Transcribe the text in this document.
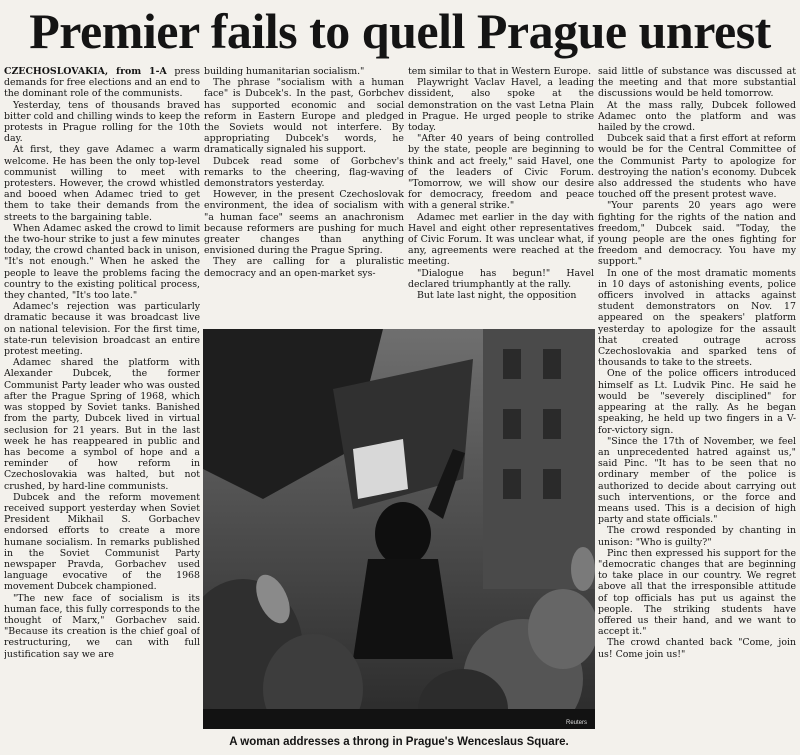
Premier fails to quell Prague unrest

CZECHOSLOVAKIA, from 1-A press demands for free elections and an end to the dominant role of the communists.

Yesterday, tens of thousands braved bitter cold and chilling winds to keep the protests in Prague rolling for the 10th day.

At first, they gave Adamec a warm welcome. He has been the only top-level communist willing to meet with protesters. However, the crowd whistled and booed when Adamec tried to get them to take their demands from the streets to the bargaining table.

When Adamec asked the crowd to limit the two-hour strike to just a few minutes today, the crowd chanted back in unison, "It's not enough." When he asked the people to leave the problems facing the country to the existing political process, they chanted, "It's too late."

Adamec's rejection was particularly dramatic because it was broadcast live on national television. For the first time, state-run television broadcast an entire protest meeting.

Adamec shared the platform with Alexander Dubcek, the former Communist Party leader who was ousted after the Prague Spring of 1968, which was stopped by Soviet tanks. Banished from the party, Dubcek lived in virtual seclusion for 21 years. But in the last week he has reappeared in public and has become a symbol of hope and a reminder of how reform in Czechoslovakia was halted, but not crushed, by hard-line communists.

Dubcek and the reform movement received support yesterday when Soviet President Mikhail S. Gorbachev endorsed efforts to create a more humane socialism. In remarks published in the Soviet Communist Party newspaper Pravda, Gorbachev used language evocative of the 1968 movement Dubcek championed.

"The new face of socialism is its human face, this fully corresponds to the thought of Marx," Gorbachev said. "Because its creation is the chief goal of restructuring, we can with full justification say we are

building humanitarian socialism."

The phrase "socialism with a human face" is Dubcek's. In the past, Gorbchev has supported economic and social reform in Eastern Europe and pledged the Soviets would not interfere. By appropriating Dubcek's words, he dramatically signaled his support.

Dubcek read some of Gorbchev's remarks to the cheering, flag-waving demonstrators yesterday.

However, in the present Czechoslovak environment, the idea of socialism with "a human face" seems an anachronism because reformers are pushing for much greater changes than anything envisioned during the Prague Spring.

They are calling for a pluralistic democracy and an open-market sys-

tem similar to that in Western Europe.

Playwright Vaclav Havel, a leading dissident, also spoke at the demonstration on the vast Letna Plain in Prague. He urged people to strike today.

"After 40 years of being controlled by the state, people are beginning to think and act freely," said Havel, one of the leaders of Civic Forum. "Tomorrow, we will show our desire for democracy, freedom and peace with a general strike."

Adamec met earlier in the day with Havel and eight other representatives of Civic Forum. It was unclear what, if any, agreements were reached at the meeting.

"Dialogue has begun!" Havel declared triumphantly at the rally.

But late last night, the opposition

said little of substance was discussed at the meeting and that more substantial discussions would be held tomorrow.

At the mass rally, Dubcek followed Adamec onto the platform and was hailed by the crowd.

Dubcek said that a first effort at reform would be for the Central Committee of the Communist Party to apologize for destroying the nation's economy. Dubcek also addressed the students who have touched off the present protest wave.

"Your parents 20 years ago were fighting for the rights of the nation and freedom," Dubcek said. "Today, the young people are the ones fighting for freedom and democracy. You have my support."

In one of the most dramatic moments in 10 days of astonishing events, police officers involved in attacks against student demonstrators on Nov. 17 appeared on the speakers' platform yesterday to apologize for the assault that created outrage across Czechoslovakia and sparked tens of thousands to take to the streets.

One of the police officers introduced himself as Lt. Ludvik Pinc. He said he would be "severely disciplined" for appearing at the rally. As he began speaking, he held up two fingers in a V-for-victory sign.

"Since the 17th of November, we feel an unprecedented hatred against us," said Pinc. "It has to be seen that no ordinary member of the police is authorized to decide about carrying out such interventions, or the force and means used. This is a decision of high party and state officials."

The crowd responded by chanting in unison: "Who is guilty?"

Pinc then expressed his support for the "democratic changes that are beginning to take place in our country. We regret above all that the irresponsible attitude of top officials has put us against the people. The striking students have offered us their hand, and we want to accept it."

The crowd chanted back "Come, join us! Come join us!"

Reuters
A woman addresses a throng in Prague's Wenceslaus Square.
